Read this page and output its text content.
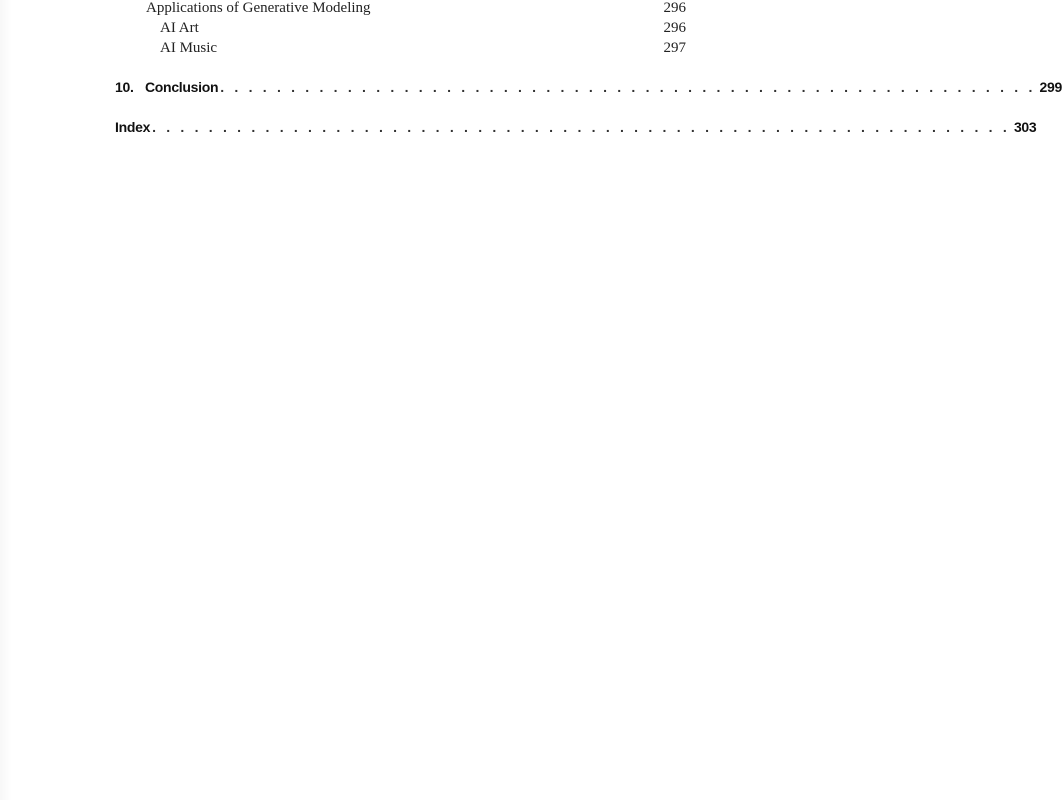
Applications of Generative Modeling	296
AI Art	296
AI Music	297
10. Conclusion . . . . . . . . . . . . . . . . . . . . . . . . . . . . . . . . . . . . . . . . . . . . . . . . . . . . . . . . . . 299
Index . . . . . . . . . . . . . . . . . . . . . . . . . . . . . . . . . . . . . . . . . . . . . . . . . . . . . . . . . . . . . 303
